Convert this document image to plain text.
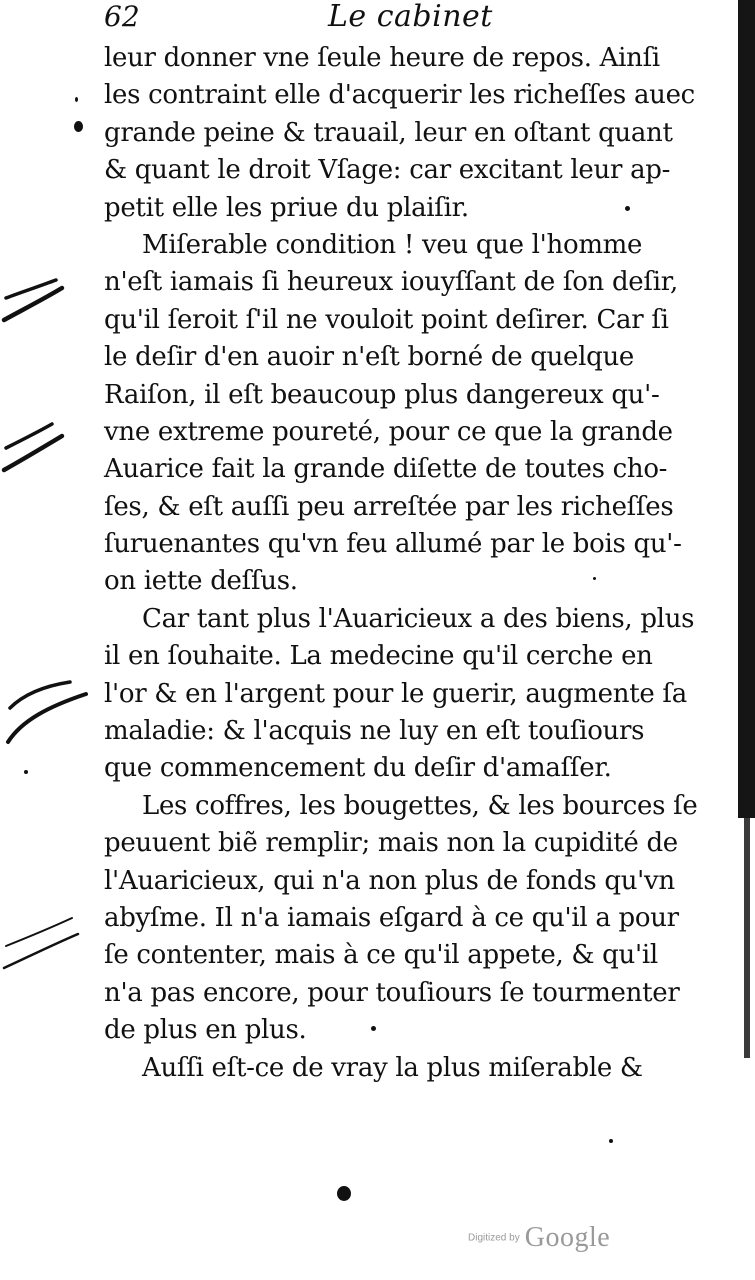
62	Le cabinet
leur donner vne ſeule heure de repos. Ainſi
les contraint elle d'acquerir les richeſſes auec
grande peine & trauail, leur en oſtant quant
& quant le droit Vſage: car excitant leur ap-
petit elle les priue du plaiſir.
Miſerable condition ! veu que l'homme
n'eſt iamais ſi heureux iouyſſant de ſon deſir,
qu'il ſeroit ſ'il ne vouloit point deſirer. Car ſi
le deſir d'en auoir n'eſt borné de quelque
Raiſon, il eſt beaucoup plus dangereux qu'-
vne extreme poureté, pour ce que la grande
Auarice fait la grande diſette de toutes cho-
ſes, & eſt auſſi peu arreſtée par les richeſſes
ſuruenantes qu'vn feu allumé par le bois qu'-
on iette deſſus.
Car tant plus l'Auaricieux a des biens, plus
il en ſouhaite. La medecine qu'il cerche en
l'or & en l'argent pour le guerir, augmente ſa
maladie: & l'acquis ne luy en eſt touſiours
que commencement du deſir d'amaſſer.
Les coffres, les bougettes, & les bources ſe
peuuent biẽ remplir; mais non la cupidité de
l'Auaricieux, qui n'a non plus de fonds qu'vn
abyſme. Il n'a iamais eſgard à ce qu'il a pour
ſe contenter, mais à ce qu'il appete, & qu'il
n'a pas encore, pour touſiours ſe tourmenter
de plus en plus.
Auſſi eſt-ce de vray la plus miſerable &
Digitized by Google
